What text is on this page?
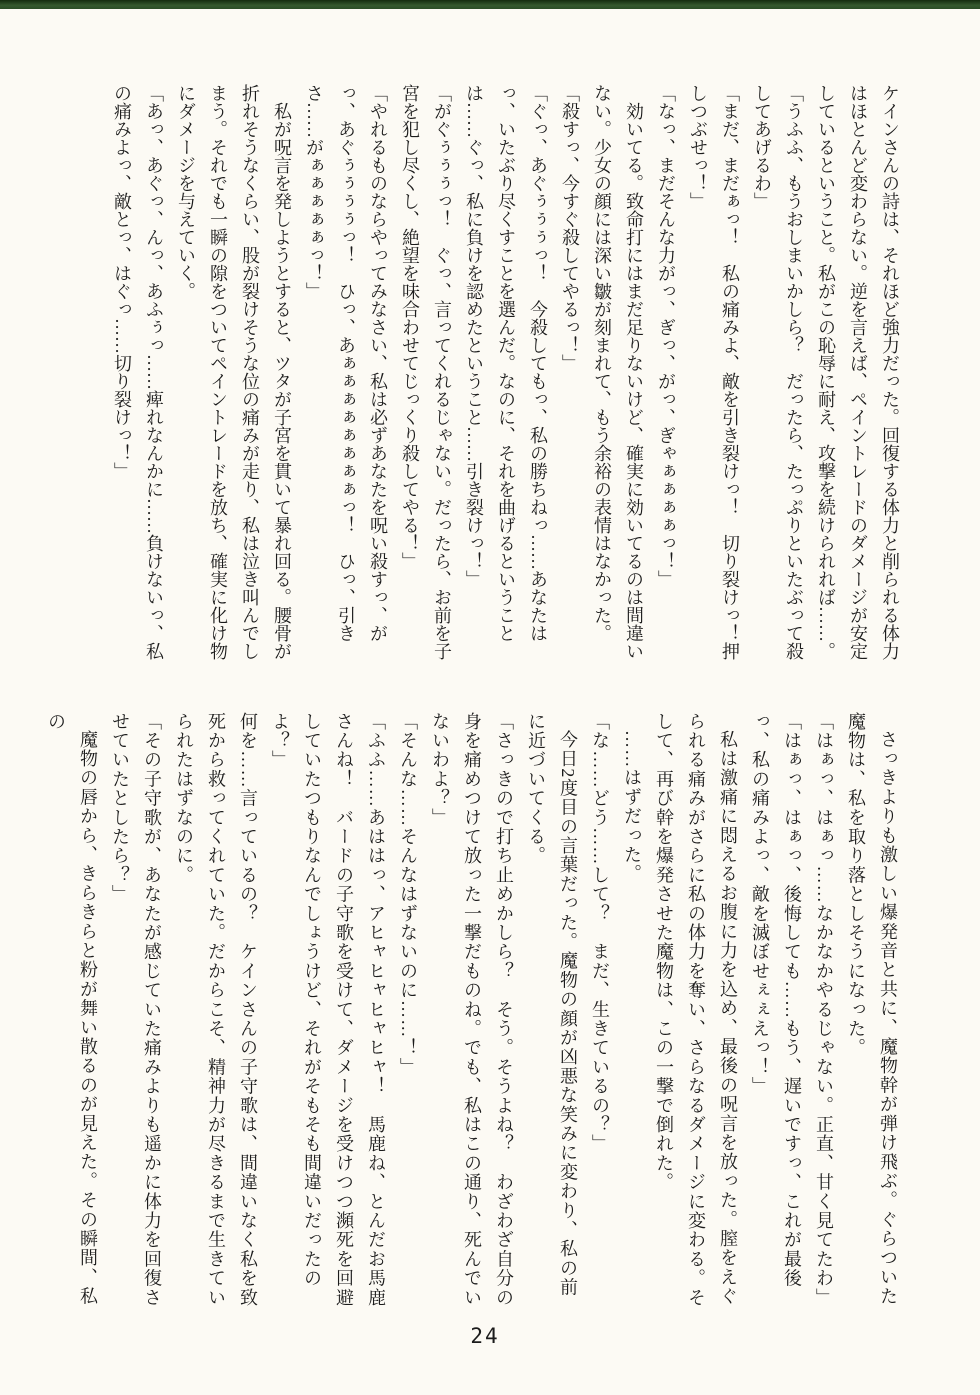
ケインさんの詩は、それほど強力だった。回復する体力と削られる体力はほとんど変わらない。逆を言えば、ペイントレードのダメージが安定しているということ。私がこの恥辱に耐え、攻撃を続けられれば……。

「うふふ、もうおしまいかしら？　だったら、たっぷりといたぶって殺してあげるわ」

「まだ、まだぁっ！　私の痛みよ、敵を引き裂けっ！　切り裂けっ！押しつぶせっ！」

「なっ、まだそんな力がっ、ぎっ、がっ、ぎゃぁぁぁぁっ！」

効いてる。致命打にはまだ足りないけど、確実に効いてるのは間違いない。少女の顔には深い皺が刻まれて、もう余裕の表情はなかった。

「殺すっ、今すぐ殺してやるっ！」

「ぐっ、あぐぅぅぅっ！　今殺してもっ、私の勝ちねっ……あなたはっ、いたぶり尽くすことを選んだ。なのに、それを曲げるということは……ぐっ、私に負けを認めたということ……引き裂けっ！」

「がぐぅぅぅっ！　ぐっ、言ってくれるじゃない。だったら、お前を子宮を犯し尽くし、絶望を味合わせてじっくり殺してやる！」

「やれるものならやってみなさい、私は必ずあなたを呪い殺すっ、がっ、あぐぅぅぅぅっ！　ひっ、あぁぁぁぁぁぁぁぁっ！　ひっ、引きさ……がぁぁぁぁぁっ！」

私が呪言を発しようとすると、ツタが子宮を貫いて暴れ回る。腰骨が折れそうなくらい、股が裂けそうな位の痛みが走り、私は泣き叫んでしまう。それでも一瞬の隙をついてペイントレードを放ち、確実に化け物にダメージを与えていく。

「あっ、あぐっ、んっ、あふぅっ……痺れなんかに……負けないっ、私の痛みよっ、敵とっ、はぐっ……切り裂けっ！」

さっきよりも激しい爆発音と共に、魔物幹が弾け飛ぶ。ぐらついた魔物は、私を取り落としそうになった。

「はぁっ、はぁっ……なかなかやるじゃない。正直、甘く見てたわ」

「はぁっ、はぁっ、後悔しても……もう、遅いですっ、これが最後っ、私の痛みよっ、敵を滅ぼせぇぇえっ！」

私は激痛に悶えるお腹に力を込め、最後の呪言を放った。膣をえぐられる痛みがさらに私の体力を奪い、さらなるダメージに変わる。そして、再び幹を爆発させた魔物は、この一撃で倒れた。

……はずだった。

「な……どう……して？　まだ、生きているの？」

今日2度目の言葉だった。魔物の顔が凶悪な笑みに変わり、私の前に近づいてくる。

「さっきので打ち止めかしら？　そう。そうよね？　わざわざ自分の身を痛めつけて放った一撃だものね。でも、私はこの通り、死んでいないわよ？」

「そんな……そんなはずないのに……！」

「ふふ……あははっ、アヒャヒャヒャヒャ！　馬鹿ね、とんだお馬鹿さんね！　バードの子守歌を受けて、ダメージを受けつつ瀕死を回避していたつもりなんでしょうけど、それがそもそも間違いだったのよ？」

何を……言っているの？　ケインさんの子守歌は、間違いなく私を致死から救ってくれていた。だからこそ、精神力が尽きるまで生きていられたはずなのに。

「その子守歌が、あなたが感じていた痛みよりも遥かに体力を回復させていたとしたら？」

魔物の唇から、きらきらと粉が舞い散るのが見えた。その瞬間、私の

24
